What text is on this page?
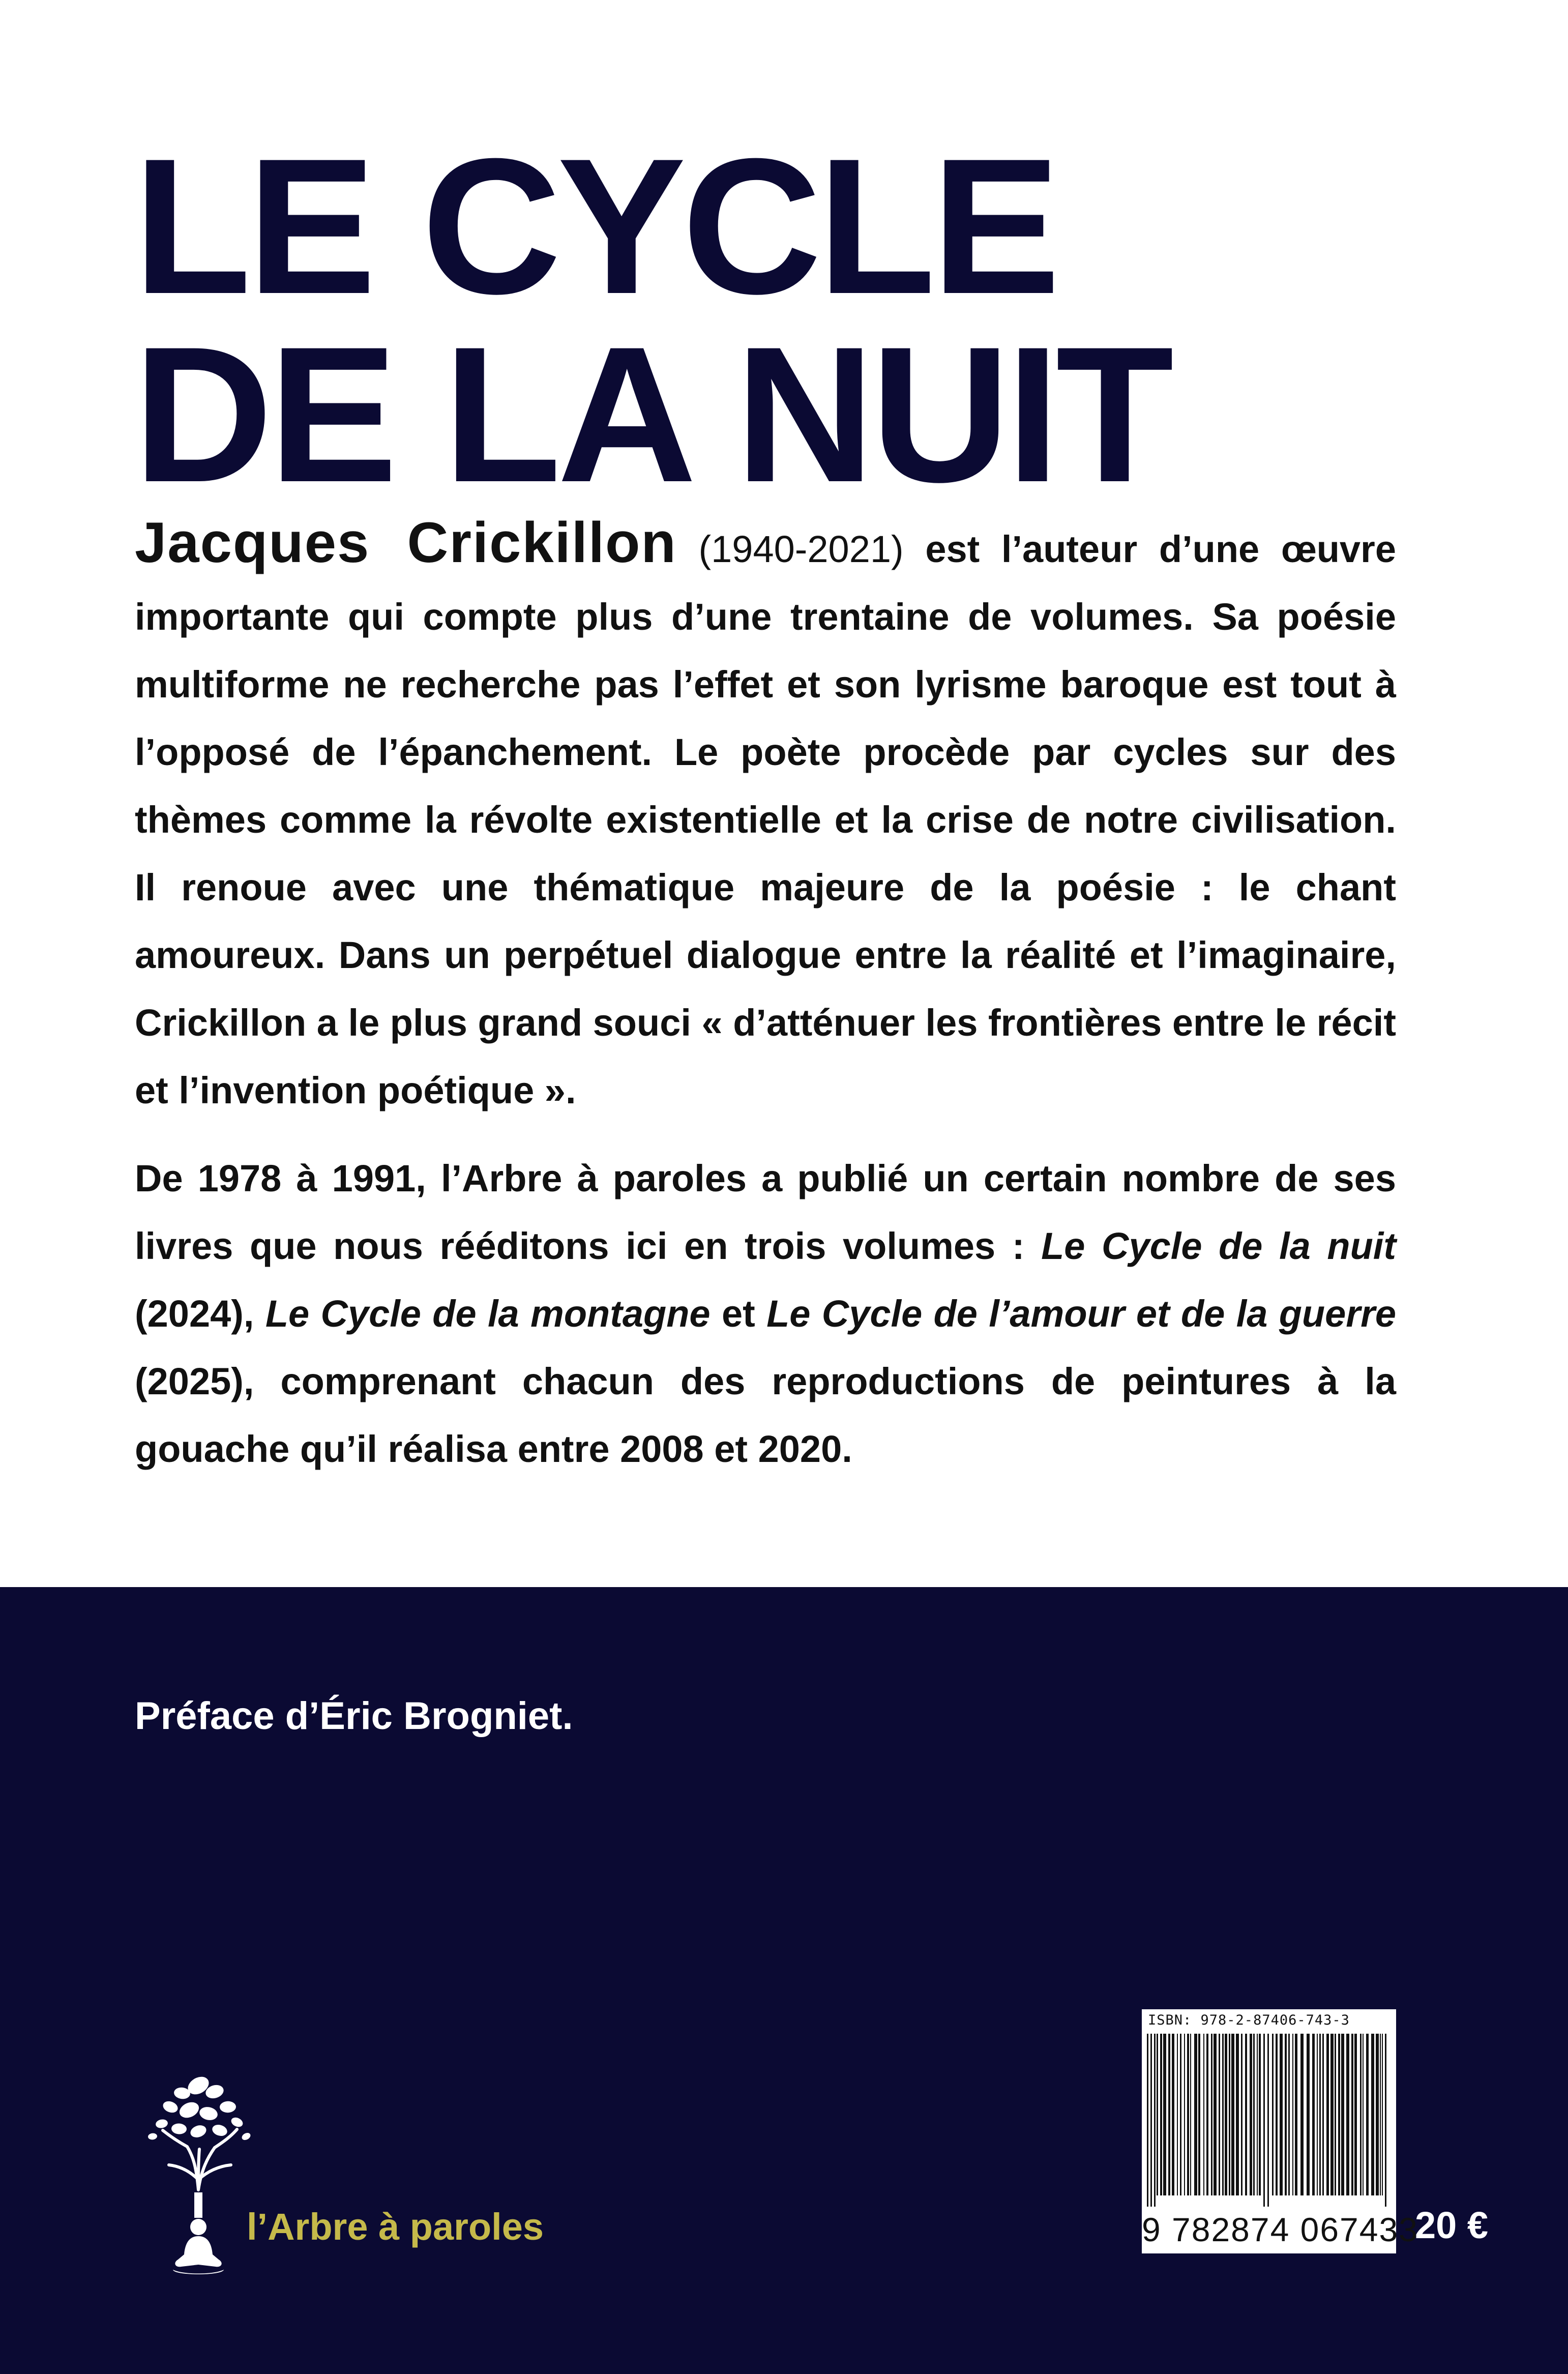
LE CYCLE
DE LA NUIT

Jacques Crickillon (1940-2021) est l’auteur d’une œuvre importante qui compte plus d’une trentaine de volumes. Sa poésie multiforme ne recherche pas l’effet et son lyrisme baroque est tout à l’opposé de l’épanchement. Le poète procède par cycles sur des thèmes comme la révolte existentielle et la crise de notre civilisation. Il renoue avec une thématique majeure de la poésie : le chant amoureux. Dans un perpétuel dialogue entre la réalité et l’imaginaire, Crickillon a le plus grand souci « d’atténuer les frontières entre le récit et l’invention poétique ».

De 1978 à 1991, l’Arbre à paroles a publié un certain nombre de ses livres que nous rééditons ici en trois volumes : Le Cycle de la nuit (2024), Le Cycle de la montagne et Le Cycle de l’amour et de la guerre (2025), comprenant chacun des reproductions de peintures à la gouache qu’il réalisa entre 2008 et 2020.

Préface d’Éric Brogniet.

l’Arbre à paroles

ISBN: 978-2-87406-743-3

9 782874 067433

20 €
